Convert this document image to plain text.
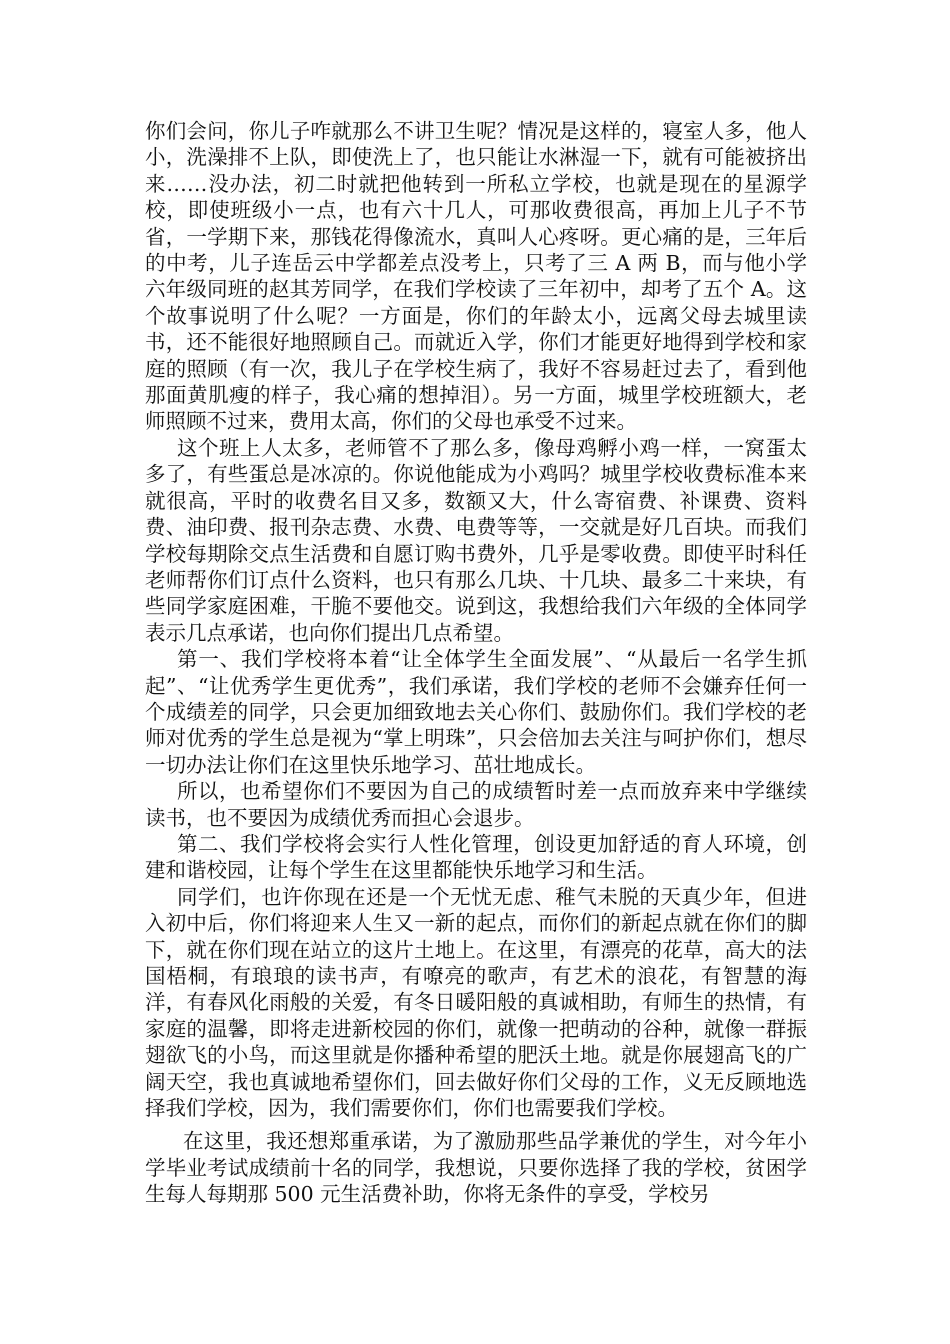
你们会问，你儿子咋就那么不讲卫生呢？情况是这样的，寝室人多，他人小，洗澡排不上队，即使洗上了，也只能让水淋湿一下，就有可能被挤出来……没办法，初二时就把他转到一所私立学校，也就是现在的星源学校，即使班级小一点，也有六十几人，可那收费很高，再加上儿子不节省，一学期下来，那钱花得像流水，真叫人心疼呀。更心痛的是，三年后的中考，儿子连岳云中学都差点没考上，只考了三 A 两 B，而与他小学六年级同班的赵其芳同学，在我们学校读了三年初中，却考了五个 A。这个故事说明了什么呢？一方面是，你们的年龄太小，远离父母去城里读书，还不能很好地照顾自己。而就近入学，你们才能更好地得到学校和家庭的照顾（有一次，我儿子在学校生病了，我好不容易赶过去了，看到他那面黄肌瘦的样子，我心痛的想掉泪）。另一方面，城里学校班额大，老师照顾不过来，费用太高，你们的父母也承受不过来。

这个班上人太多，老师管不了那么多，像母鸡孵小鸡一样，一窝蛋太多了，有些蛋总是冰凉的。你说他能成为小鸡吗？城里学校收费标准本来就很高，平时的收费名目又多，数额又大，什么寄宿费、补课费、资料费、油印费、报刊杂志费、水费、电费等等，一交就是好几百块。而我们学校每期除交点生活费和自愿订购书费外，几乎是零收费。即使平时科任老师帮你们订点什么资料，也只有那么几块、十几块、最多二十来块，有些同学家庭困难，干脆不要他交。说到这，我想给我们六年级的全体同学表示几点承诺，也向你们提出几点希望。

第一、我们学校将本着“让全体学生全面发展”、“从最后一名学生抓起”、“让优秀学生更优秀”，我们承诺，我们学校的老师不会嫌弃任何一个成绩差的同学，只会更加细致地去关心你们、鼓励你们。我们学校的老师对优秀的学生总是视为“掌上明珠”，只会倍加去关注与呵护你们，想尽一切办法让你们在这里快乐地学习、茁壮地成长。

所以，也希望你们不要因为自己的成绩暂时差一点而放弃来中学继续读书，也不要因为成绩优秀而担心会退步。

第二、我们学校将会实行人性化管理，创设更加舒适的育人环境，创建和谐校园，让每个学生在这里都能快乐地学习和生活。

同学们，也许你现在还是一个无忧无虑、稚气未脱的天真少年，但进入初中后，你们将迎来人生又一新的起点，而你们的新起点就在你们的脚下，就在你们现在站立的这片土地上。在这里，有漂亮的花草，高大的法国梧桐，有琅琅的读书声，有嘹亮的歌声，有艺术的浪花，有智慧的海洋，有春风化雨般的关爱，有冬日暖阳般的真诚相助，有师生的热情，有家庭的温馨，即将走进新校园的你们，就像一把萌动的谷种，就像一群振翅欲飞的小鸟，而这里就是你播种希望的肥沃土地。就是你展翅高飞的广阔天空，我也真诚地希望你们，回去做好你们父母的工作，义无反顾地选择我们学校，因为，我们需要你们，你们也需要我们学校。

在这里，我还想郑重承诺，为了激励那些品学兼优的学生，对今年小学毕业考试成绩前十名的同学，我想说，只要你选择了我的学校，贫困学生每人每期那 500 元生活费补助，你将无条件的享受，学校另
